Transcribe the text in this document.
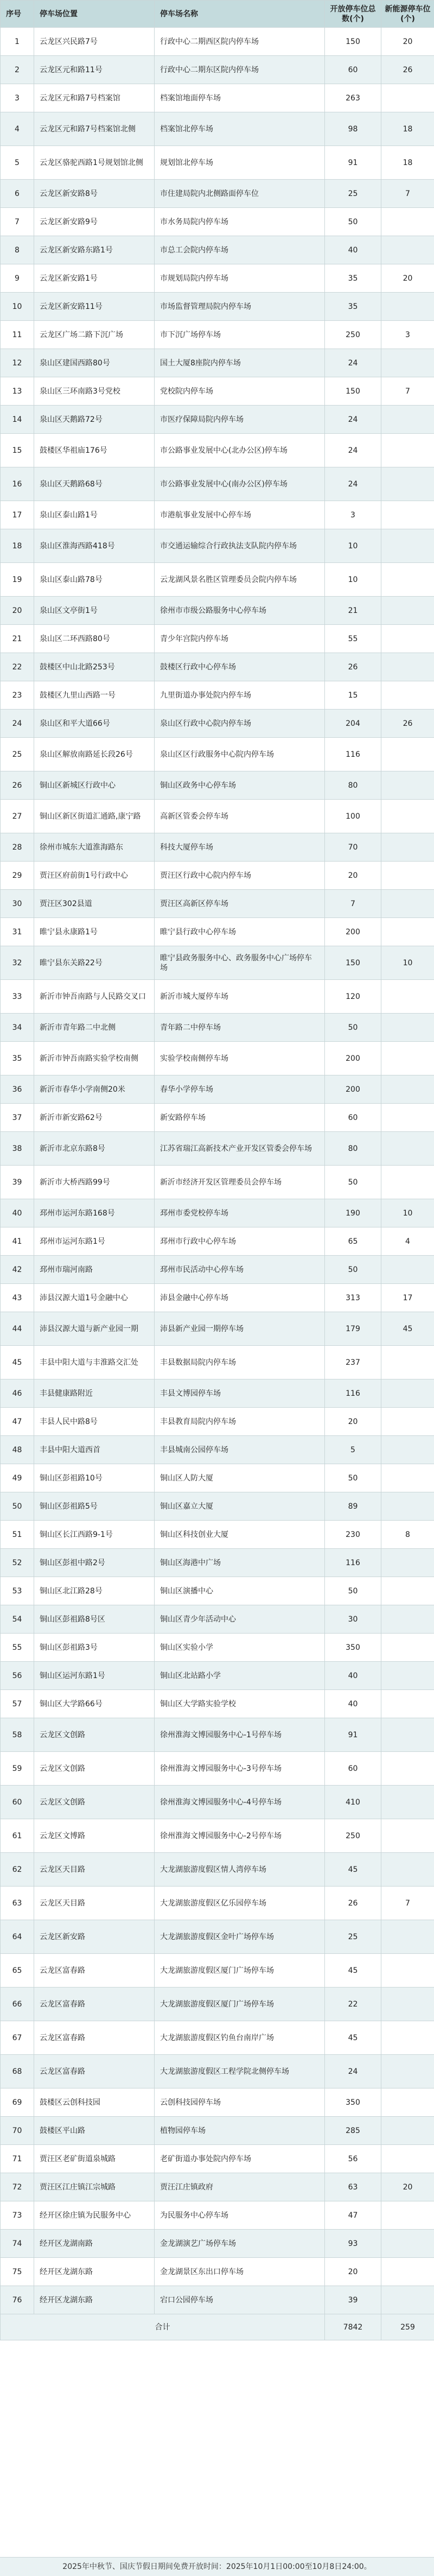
序号	停车场位置	停车场名称	开放停车位总数(个)	新能源停车位(个)
1	云龙区兴民路7号	行政中心二期西区院内停车场	150	20
2	云龙区元和路11号	行政中心二期东区院内停车场	60	26
3	云龙区元和路7号档案馆	档案馆地面停车场	263	
4	云龙区元和路7号档案馆北侧	档案馆北停车场	98	18
5	云龙区骆驼西路1号规划馆北侧	规划馆北停车场	91	18
6	云龙区新安路8号	市住建局院内北侧路面停车位	25	7
7	云龙区新安路9号	市水务局院内停车场	50	
8	云龙区新安路东路1号	市总工会院内停车场	40	
9	云龙区新安路1号	市规划局院内停车场	35	20
10	云龙区新安路11号	市场监督管理局院内停车场	35	
11	云龙区广场二路下沉广场	市下沉广场停车场	250	3
12	泉山区建国西路80号	国土大厦8座院内停车场	24	
13	泉山区三环南路3号党校	党校院内停车场	150	7
14	泉山区天鹅路72号	市医疗保障局院内停车场	24	
15	鼓楼区华祖庙176号	市公路事业发展中心(北办公区)停车场	24	
16	泉山区天鹅路68号	市公路事业发展中心(南办公区)停车场	24	
17	泉山区泰山路1号	市港航事业发展中心停车场	3	
18	泉山区淮海西路418号	市交通运输综合行政执法支队院内停车场	10	
19	泉山区泰山路78号	云龙湖风景名胜区管理委员会院内停车场	10	
20	泉山区文亭街1号	徐州市市级公路服务中心停车场	21	
21	泉山区二环西路80号	青少年宫院内停车场	55	
22	鼓楼区中山北路253号	鼓楼区行政中心停车场	26	
23	鼓楼区九里山西路一号	九里街道办事处院内停车场	15	
24	泉山区和平大道66号	泉山区行政中心院内停车场	204	26
25	泉山区解放南路延长段26号	泉山区区行政服务中心院内停车场	116	
26	铜山区新城区行政中心	铜山区政务中心停车场	80	
27	铜山区新区街道汇通路,康宁路	高新区管委会停车场	100	
28	徐州市城东大道淮海路东	科技大厦停车场	70	
29	贾汪区府前街1号行政中心	贾汪区行政中心院内停车场	20	
30	贾汪区302县道	贾汪区高新区停车场	7	
31	睢宁县永康路1号	睢宁县行政中心停车场	200	
32	睢宁县东关路22号	睢宁县政务服务中心、政务服务中心广场停车场	150	10
33	新沂市钟吾南路与人民路交叉口	新沂市城大厦停车场	120	
34	新沂市青年路二中北侧	青年路二中停车场	50	
35	新沂市钟吾南路实验学校南侧	实验学校南侧停车场	200	
36	新沂市春华小学南侧20米	春华小学停车场	200	
37	新沂市新安路62号	新安路停车场	60	
38	新沂市北京东路8号	江苏省瑞江高新技术产业开发区管委会停车场	80	
39	新沂市大桥西路99号	新沂市经济开发区管理委员会停车场	50	
40	邳州市运河东路168号	邳州市委党校停车场	190	10
41	邳州市运河东路1号	邳州市行政中心停车场	65	4
42	邳州市瑞河南路	邳州市民活动中心停车场	50	
43	沛县汉源大道1号金融中心	沛县金融中心停车场	313	17
44	沛县汉源大道与新产业园一期	沛县新产业园一期停车场	179	45
45	丰县中阳大道与丰淮路交汇处	丰县数据局院内停车场	237	
46	丰县健康路附近	丰县文博园停车场	116	
47	丰县人民中路8号	丰县教育局院内停车场	20	
48	丰县中阳大道西首	丰县城南公园停车场	5	
49	铜山区彭祖路10号	铜山区人防大厦	50	
50	铜山区彭祖路5号	铜山区嘉立大厦	89	
51	铜山区长江西路9-1号	铜山区科技创业大厦	230	8
52	铜山区彭祖中路2号	铜山区海港中广场	116	
53	铜山区北江路28号	铜山区演播中心	50	
54	铜山区彭祖路8号区	铜山区青少年活动中心	30	
55	铜山区彭祖路3号	铜山区实验小学	350	
56	铜山区运河东路1号	铜山区北站路小学	40	
57	铜山区大学路66号	铜山区大学路实验学校	40	
58	云龙区文创路	徐州淮海文博园服务中心-1号停车场	91	
59	云龙区文创路	徐州淮海文博园服务中心-3号停车场	60	
60	云龙区文创路	徐州淮海文博园服务中心-4号停车场	410	
61	云龙区文博路	徐州淮海文博园服务中心-2号停车场	250	
62	云龙区天目路	大龙湖旅游度假区情人湾停车场	45	
63	云龙区天目路	大龙湖旅游度假区亿乐园停车场	26	7
64	云龙区新安路	大龙湖旅游度假区金叶广场停车场	25	
65	云龙区富春路	大龙湖旅游度假区厦门广场停车场	45	
66	云龙区富春路	大龙湖旅游度假区厦门广场停车场	22	
67	云龙区富春路	大龙湖旅游度假区钓鱼台南岸广场	45	
68	云龙区富春路	大龙湖旅游度假区工程学院北侧停车场	24	
69	鼓楼区云创科技园	云创科技园停车场	350	
70	鼓楼区平山路	植物园停车场	285	
71	贾汪区老矿街道泉城路	老矿街道办事处院内停车场	56	
72	贾汪区江庄镇江宗城路	贾汪江庄镇政府	63	20
73	经开区徐庄镇为民服务中心	为民服务中心停车场	47	
74	经开区龙湖南路	金龙湖演艺广场停车场	93	
75	经开区龙湖东路	金龙湖景区东出口停车场	20	
76	经开区龙湖东路	宕口公园停车场	39	
合计			7842	259
2025年中秋节、国庆节假日期间免费开放时间：2025年10月1日00:00至10月8日24:00。
